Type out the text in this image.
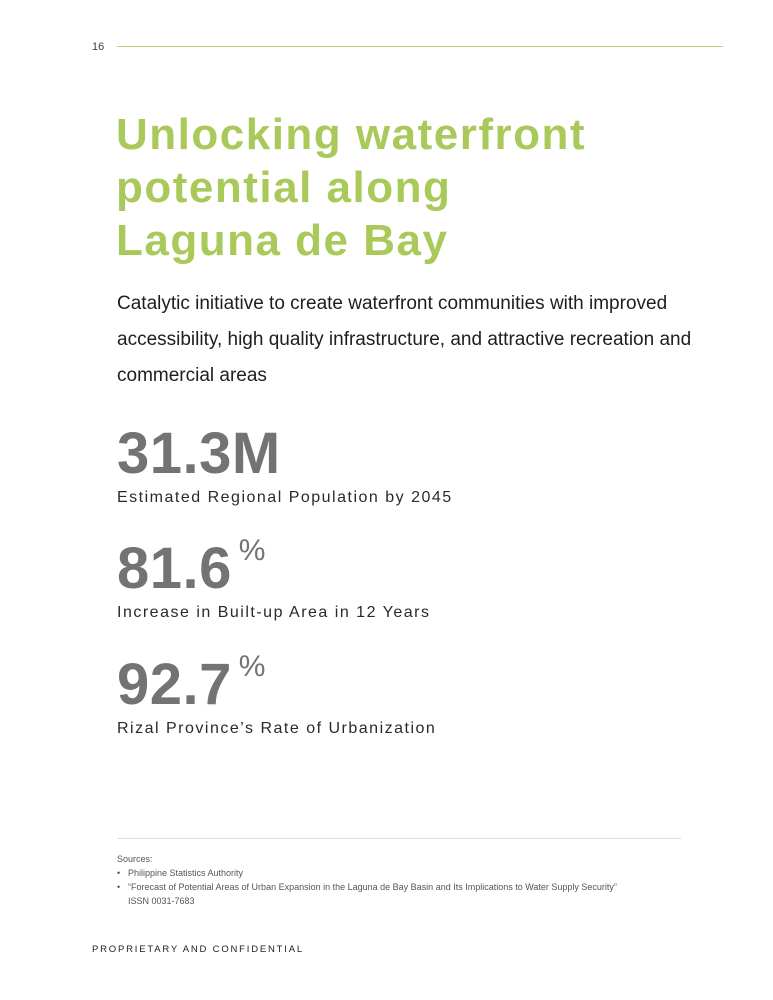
16
Unlocking waterfront
potential along
Laguna de Bay

Catalytic initiative to create waterfront communities with improved accessibility, high quality infrastructure, and attractive recreation and commercial areas

31.3M
Estimated Regional Population by 2045
81.6 %
Increase in Built-up Area in 12 Years
92.7 %
Rizal Province’s Rate of Urbanization
Sources:
• Philippine Statistics Authority
• “Forecast of Potential Areas of Urban Expansion in the Laguna de Bay Basin and Its Implications to Water Supply Security”
ISSN 0031-7683
PROPRIETARY AND CONFIDENTIAL
